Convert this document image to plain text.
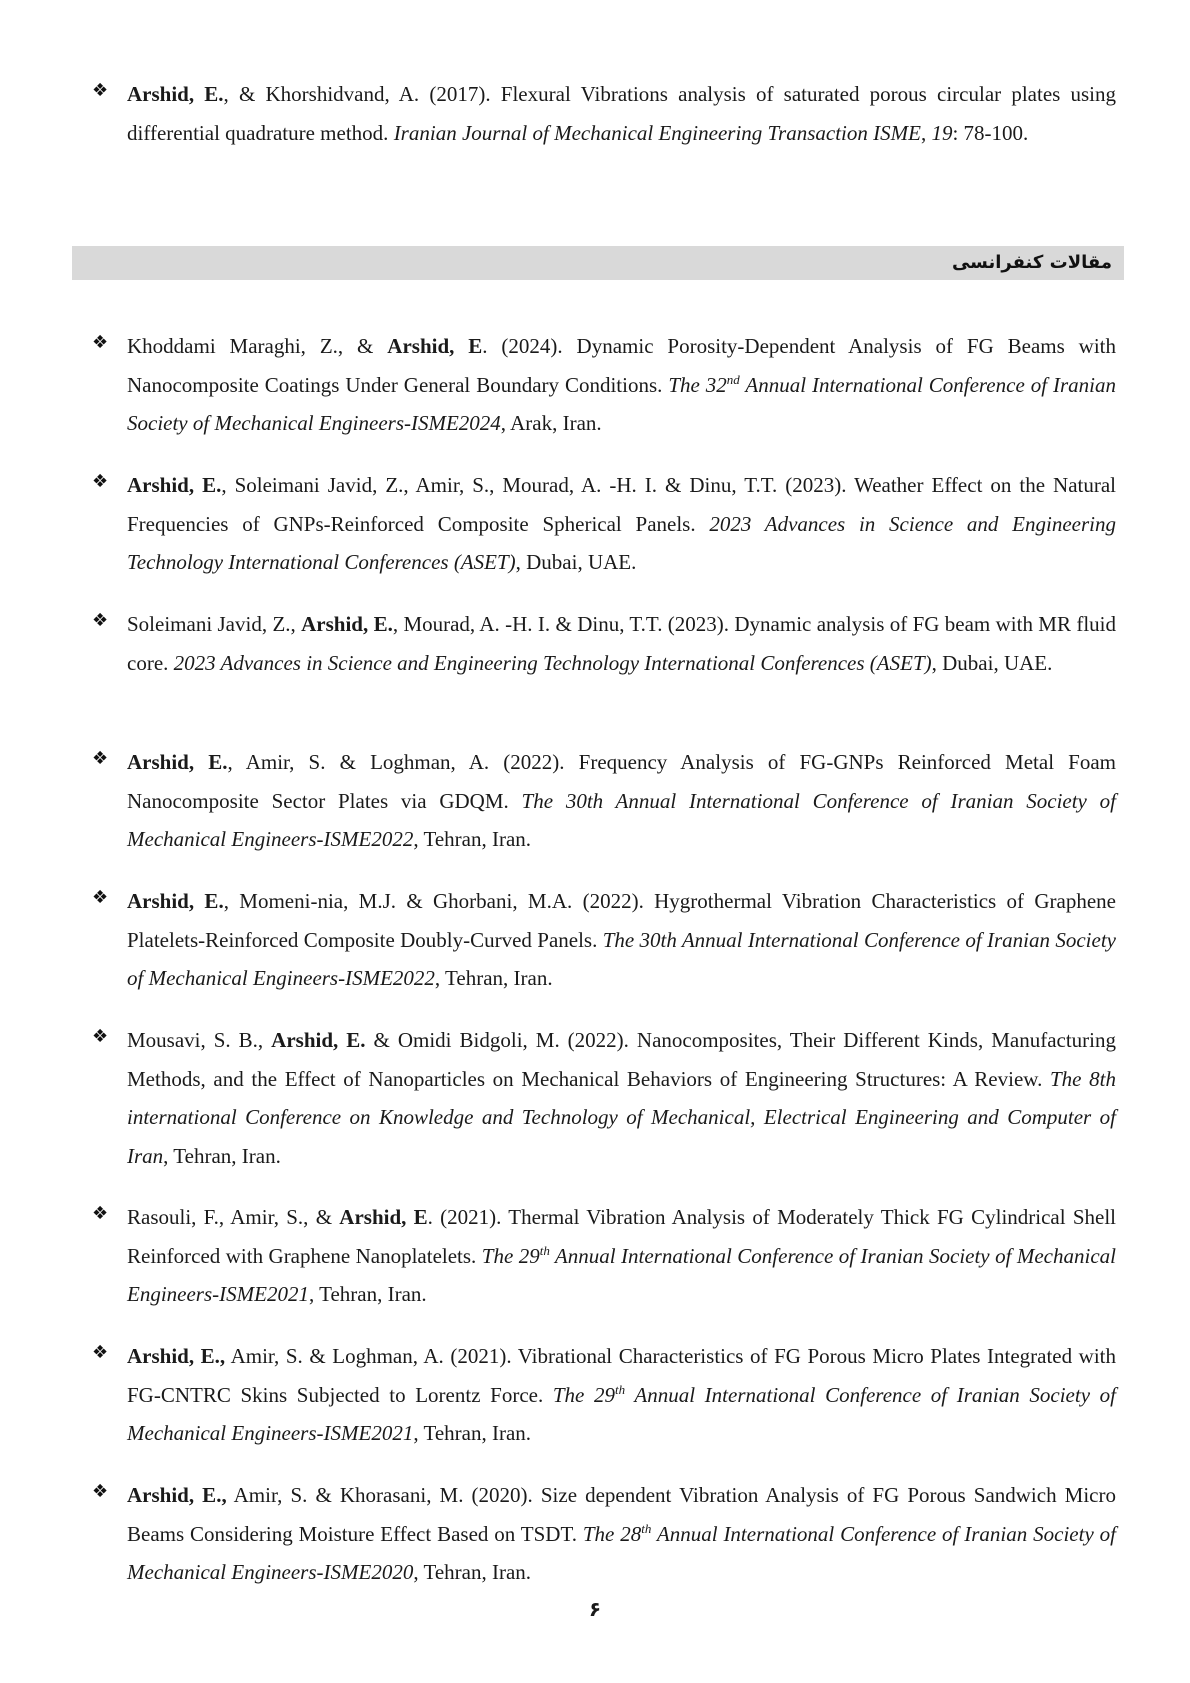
❖ Arshid, E., & Khorshidvand, A. (2017). Flexural Vibrations analysis of saturated porous circular plates using differential quadrature method. Iranian Journal of Mechanical Engineering Transaction ISME, 19: 78-100.
مقالات کنفرانسی
❖ Khoddami Maraghi, Z., & Arshid, E. (2024). Dynamic Porosity-Dependent Analysis of FG Beams with Nanocomposite Coatings Under General Boundary Conditions. The 32nd Annual International Conference of Iranian Society of Mechanical Engineers-ISME2024, Arak, Iran.
❖ Arshid, E., Soleimani Javid, Z., Amir, S., Mourad, A. -H. I. & Dinu, T.T. (2023). Weather Effect on the Natural Frequencies of GNPs-Reinforced Composite Spherical Panels. 2023 Advances in Science and Engineering Technology International Conferences (ASET), Dubai, UAE.
❖ Soleimani Javid, Z., Arshid, E., Mourad, A. -H. I. & Dinu, T.T. (2023). Dynamic analysis of FG beam with MR fluid core. 2023 Advances in Science and Engineering Technology International Conferences (ASET), Dubai, UAE.
❖ Arshid, E., Amir, S. & Loghman, A. (2022). Frequency Analysis of FG-GNPs Reinforced Metal Foam Nanocomposite Sector Plates via GDQM. The 30th Annual International Conference of Iranian Society of Mechanical Engineers-ISME2022, Tehran, Iran.
❖ Arshid, E., Momeni-nia, M.J. & Ghorbani, M.A. (2022). Hygrothermal Vibration Characteristics of Graphene Platelets-Reinforced Composite Doubly-Curved Panels. The 30th Annual International Conference of Iranian Society of Mechanical Engineers-ISME2022, Tehran, Iran.
❖ Mousavi, S. B., Arshid, E. & Omidi Bidgoli, M. (2022). Nanocomposites, Their Different Kinds, Manufacturing Methods, and the Effect of Nanoparticles on Mechanical Behaviors of Engineering Structures: A Review. The 8th international Conference on Knowledge and Technology of Mechanical, Electrical Engineering and Computer of Iran, Tehran, Iran.
❖ Rasouli, F., Amir, S., & Arshid, E. (2021). Thermal Vibration Analysis of Moderately Thick FG Cylindrical Shell Reinforced with Graphene Nanoplatelets. The 29th Annual International Conference of Iranian Society of Mechanical Engineers-ISME2021, Tehran, Iran.
❖ Arshid, E., Amir, S. & Loghman, A. (2021). Vibrational Characteristics of FG Porous Micro Plates Integrated with FG-CNTRC Skins Subjected to Lorentz Force. The 29th Annual International Conference of Iranian Society of Mechanical Engineers-ISME2021, Tehran, Iran.
❖ Arshid, E., Amir, S. & Khorasani, M. (2020). Size dependent Vibration Analysis of FG Porous Sandwich Micro Beams Considering Moisture Effect Based on TSDT. The 28th Annual International Conference of Iranian Society of Mechanical Engineers-ISME2020, Tehran, Iran.
۶
